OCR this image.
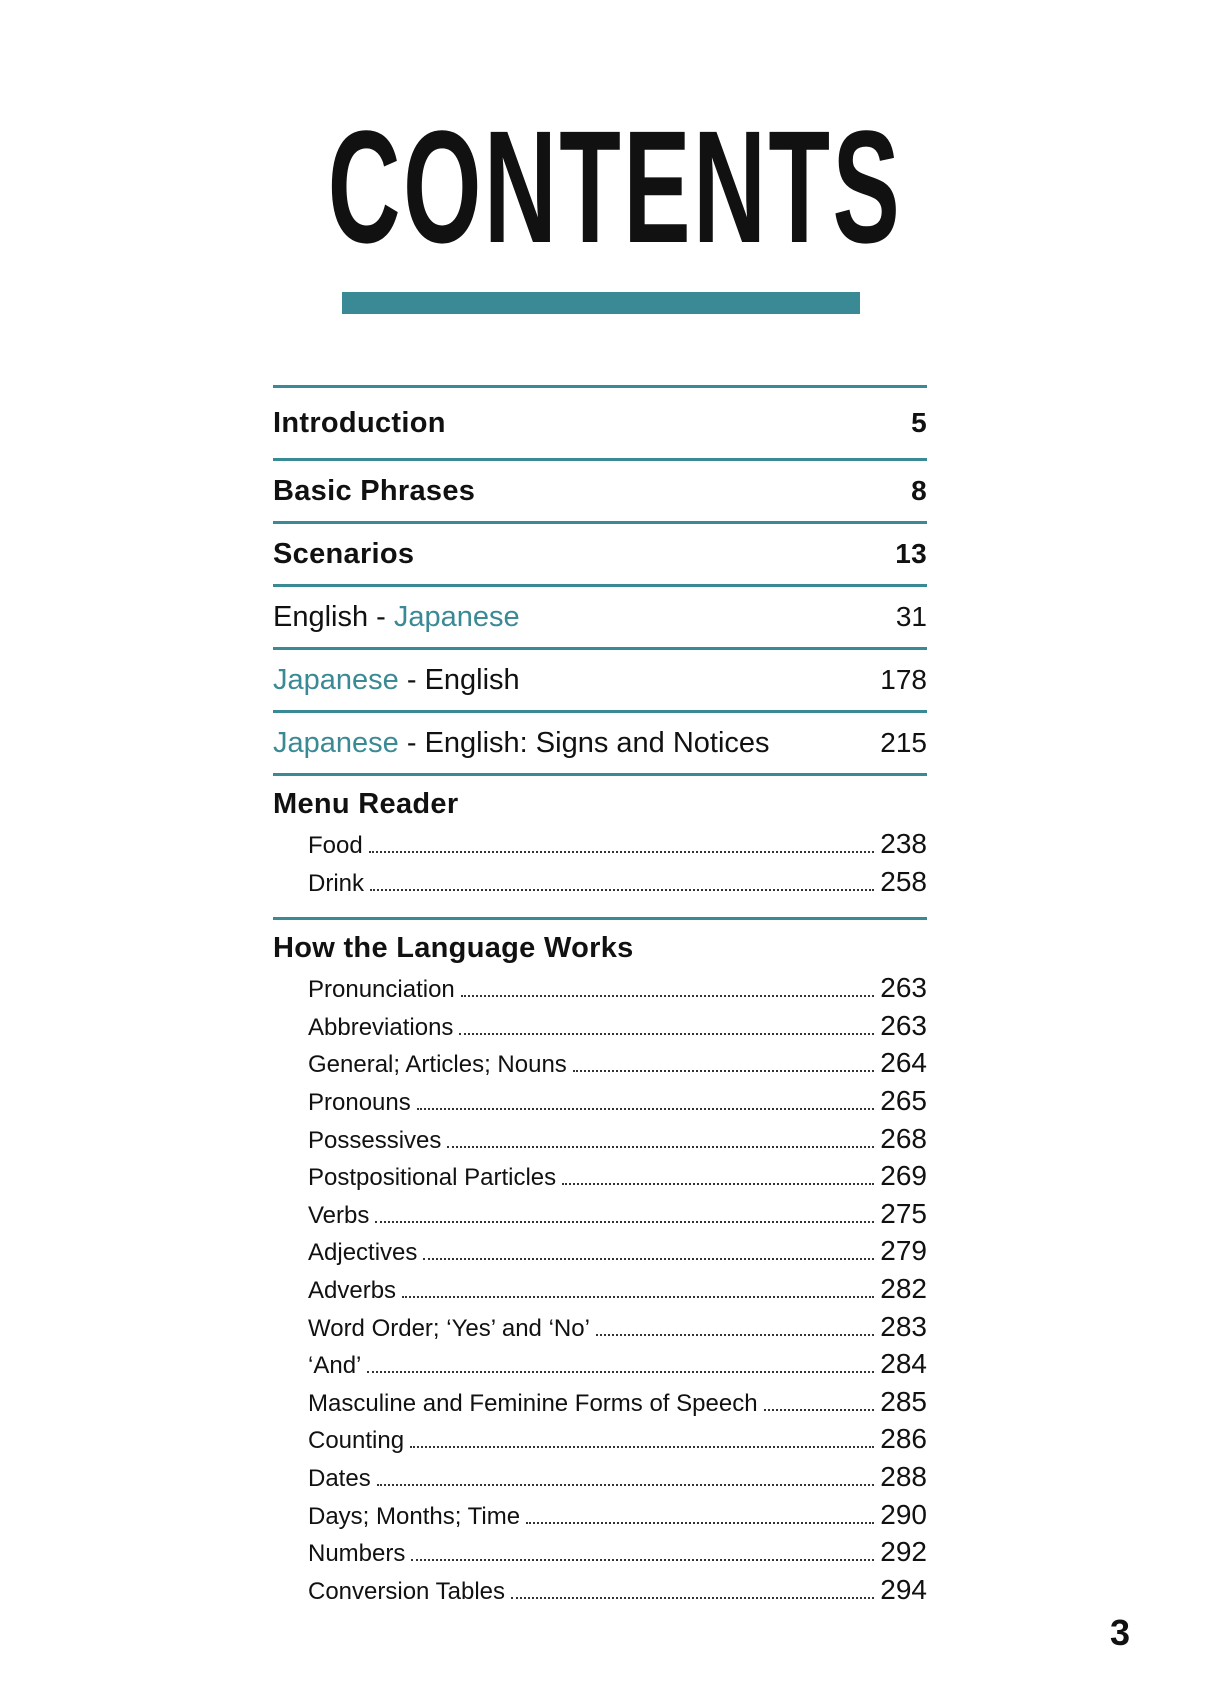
CONTENTS
Introduction	5
Basic Phrases	8
Scenarios	13
English - Japanese	31
Japanese - English	178
Japanese - English: Signs and Notices	215
Menu Reader
Food	238
Drink	258
How the Language Works
Pronunciation	263
Abbreviations	263
General; Articles; Nouns	264
Pronouns	265
Possessives	268
Postpositional Particles	269
Verbs	275
Adjectives	279
Adverbs	282
Word Order; ‘Yes’ and ‘No’	283
‘And’	284
Masculine and Feminine Forms of Speech	285
Counting	286
Dates	288
Days; Months; Time	290
Numbers	292
Conversion Tables	294
3
